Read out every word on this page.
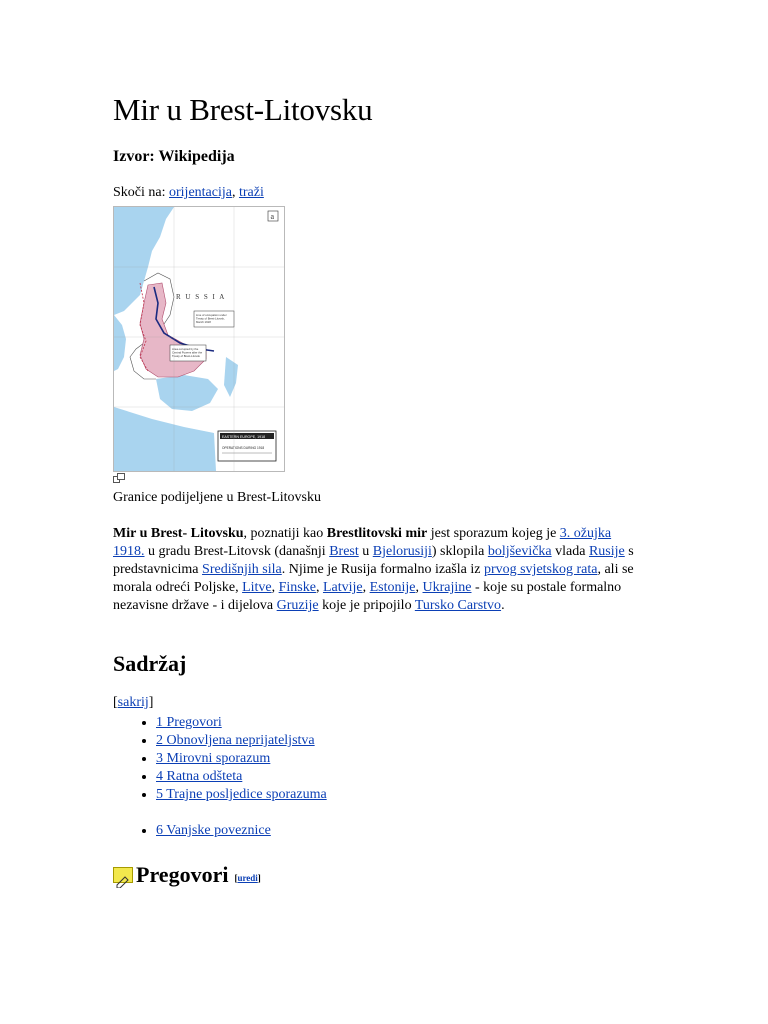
Mir u Brest-Litovsku
Izvor: Wikipedija
Skoči na: orijentacija, traži
R U S S I A
Line of occupation under Treaty of Brest-Litovsk, March 1918
Area occupied by the Central Powers after the Treaty of Brest-Litovsk
a
EASTERN EUROPE, 1918
OPERATIONS DURING 1918
Granice podijeljene u Brest-Litovsku

Mir u Brest- Litovsku, poznatiji kao Brestlitovski mir jest sporazum kojeg je 3. ožujka 1918. u gradu Brest-Litovsk (današnji Brest u Bjelorusiji) sklopila boljševička vlada Rusije s predstavnicima Središnjih sila. Njime je Rusija formalno izašla iz prvog svjetskog rata, ali se morala odreći Poljske, Litve, Finske, Latvije, Estonije, Ukrajine - koje su postale formalno nezavisne države - i dijelova Gruzije koje je pripojilo Tursko Carstvo.

Sadržaj
[sakrij]
• 1 Pregovori
• 2 Obnovljena neprijateljstva
• 3 Mirovni sporazum
• 4 Ratna odšteta
• 5 Trajne posljedice sporazuma
• 6 Vanjske poveznice
Pregovori [uredi]
